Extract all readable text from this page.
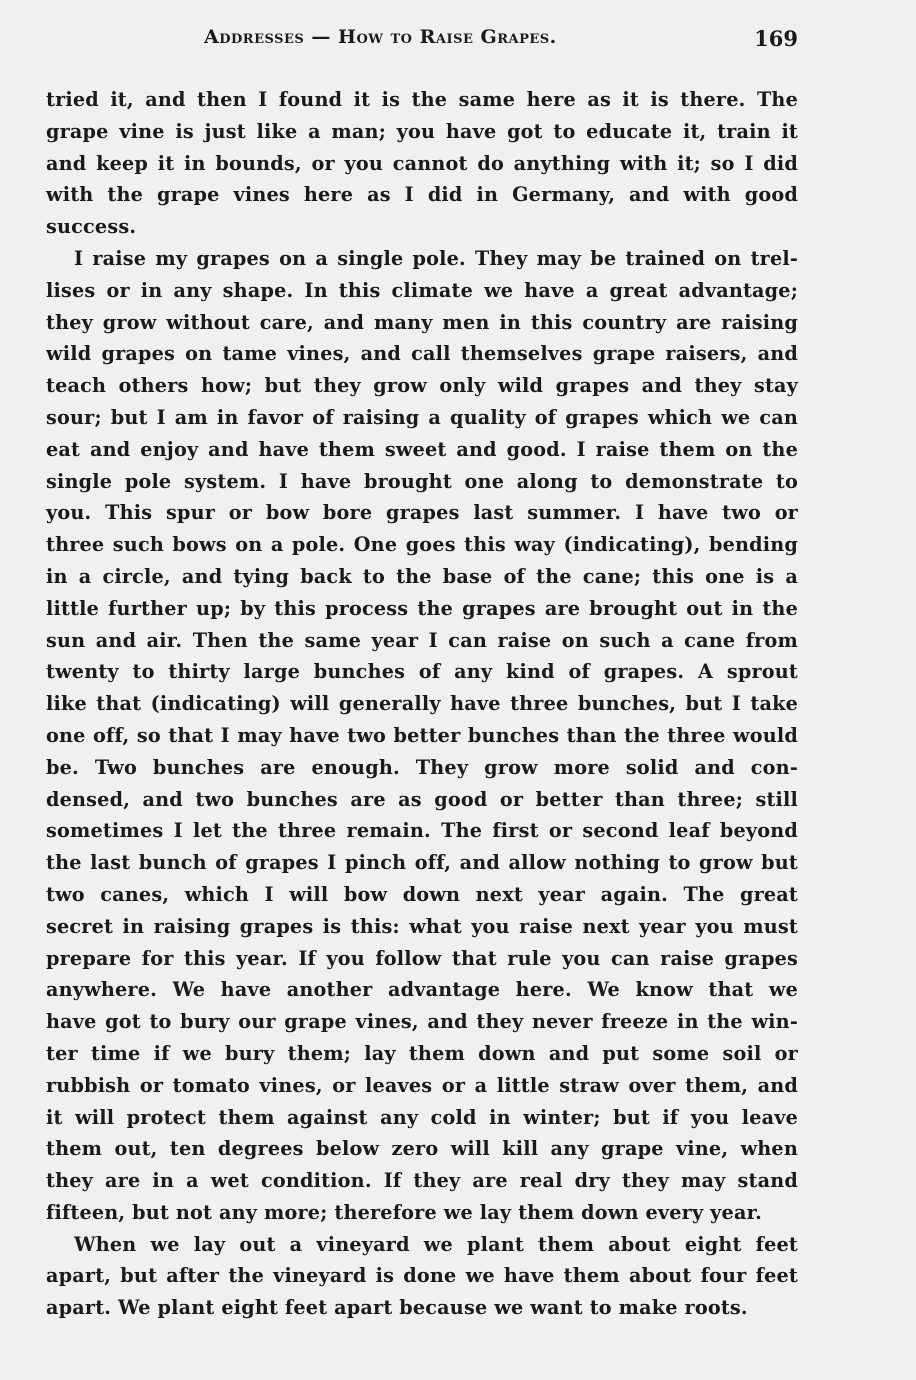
Addresses — How to Raise Grapes.	169
tried it, and then I found it is the same here as it is there. The
grape vine is just like a man; you have got to educate it, train it
and keep it in bounds, or you cannot do anything with it; so I did
with the grape vines here as I did in Germany, and with good
success.
I raise my grapes on a single pole. They may be trained on trel-
lises or in any shape. In this climate we have a great advantage;
they grow without care, and many men in this country are raising
wild grapes on tame vines, and call themselves grape raisers, and
teach others how; but they grow only wild grapes and they stay
sour; but I am in favor of raising a quality of grapes which we can
eat and enjoy and have them sweet and good. I raise them on the
single pole system. I have brought one along to demonstrate to
you. This spur or bow bore grapes last summer. I have two or
three such bows on a pole. One goes this way (indicating), bending
in a circle, and tying back to the base of the cane; this one is a
little further up; by this process the grapes are brought out in the
sun and air. Then the same year I can raise on such a cane from
twenty to thirty large bunches of any kind of grapes. A sprout
like that (indicating) will generally have three bunches, but I take
one off, so that I may have two better bunches than the three would
be. Two bunches are enough. They grow more solid and con-
densed, and two bunches are as good or better than three; still
sometimes I let the three remain. The first or second leaf beyond
the last bunch of grapes I pinch off, and allow nothing to grow but
two canes, which I will bow down next year again. The great
secret in raising grapes is this: what you raise next year you must
prepare for this year. If you follow that rule you can raise grapes
anywhere. We have another advantage here. We know that we
have got to bury our grape vines, and they never freeze in the win-
ter time if we bury them; lay them down and put some soil or
rubbish or tomato vines, or leaves or a little straw over them, and
it will protect them against any cold in winter; but if you leave
them out, ten degrees below zero will kill any grape vine, when
they are in a wet condition. If they are real dry they may stand
fifteen, but not any more; therefore we lay them down every year.
When we lay out a vineyard we plant them about eight feet
apart, but after the vineyard is done we have them about four feet
apart. We plant eight feet apart because we want to make roots.
